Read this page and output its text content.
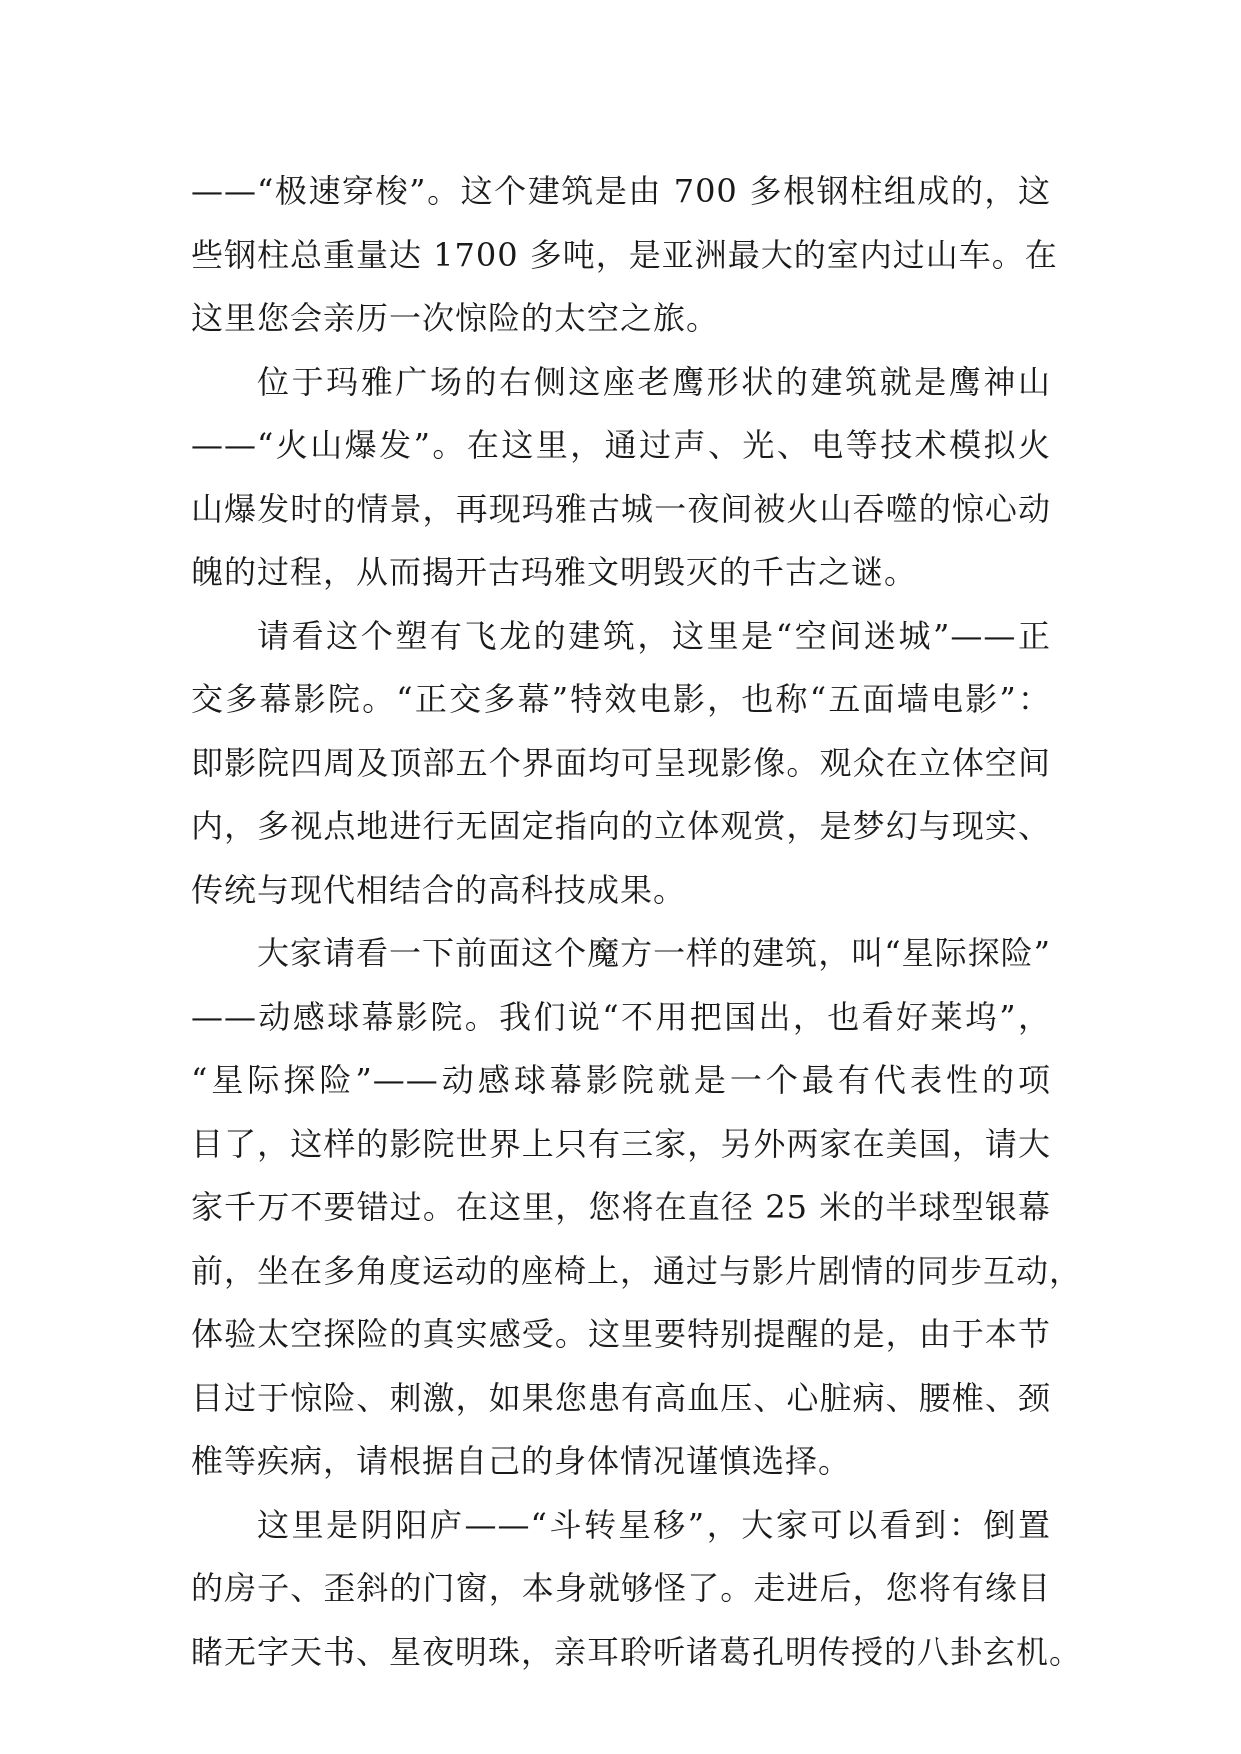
——“极速穿梭”。这个建筑是由 700 多根钢柱组成的，这
些钢柱总重量达 1700 多吨，是亚洲最大的室内过山车。在
这里您会亲历一次惊险的太空之旅。
位于玛雅广场的右侧这座老鹰形状的建筑就是鹰神山
——“火山爆发”。在这里，通过声、光、电等技术模拟火
山爆发时的情景，再现玛雅古城一夜间被火山吞噬的惊心动
魄的过程，从而揭开古玛雅文明毁灭的千古之谜。
请看这个塑有飞龙的建筑，这里是“空间迷城”——正
交多幕影院。“正交多幕”特效电影，也称“五面墙电影”：
即影院四周及顶部五个界面均可呈现影像。观众在立体空间
内，多视点地进行无固定指向的立体观赏，是梦幻与现实、
传统与现代相结合的高科技成果。
大家请看一下前面这个魔方一样的建筑，叫“星际探险”
——动感球幕影院。我们说“不用把国出，也看好莱坞”，
“星际探险”——动感球幕影院就是一个最有代表性的项
目了，这样的影院世界上只有三家，另外两家在美国，请大
家千万不要错过。在这里，您将在直径 25 米的半球型银幕
前，坐在多角度运动的座椅上，通过与影片剧情的同步互动，
体验太空探险的真实感受。这里要特别提醒的是，由于本节
目过于惊险、刺激，如果您患有高血压、心脏病、腰椎、颈
椎等疾病，请根据自己的身体情况谨慎选择。
这里是阴阳庐——“斗转星移”，大家可以看到：倒置
的房子、歪斜的门窗，本身就够怪了。走进后，您将有缘目
睹无字天书、星夜明珠，亲耳聆听诸葛孔明传授的八卦玄机。
